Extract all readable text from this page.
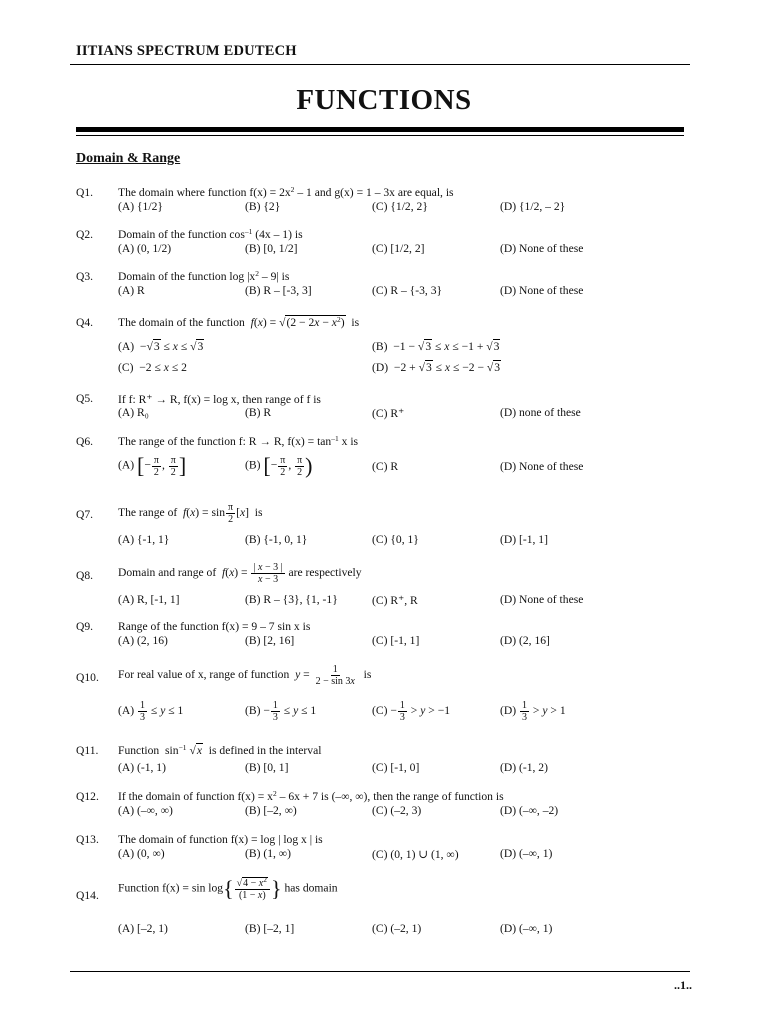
IITIANS SPECTRUM EDUTECH
FUNCTIONS
Domain & Range
Q1. The domain where function $f(x) = 2x^2 - 1$ and g(x) = 1 – 3x are equal, is
(A) {1/2}	(B) {2}	(C) {1/2, 2}	(D) {1/2, – 2}
Q2. Domain of the function $\cos^{-1} (4x - 1)$ is
(A) (0, 1/2)	(B) [0, 1/2]	(C) [1/2, 2]	(D) None of these
Q3. Domain of the function $\log |x^2 - 9|$ is
(A) R	(B) R – [-3, 3]	(C) R – {-3, 3}	(D) None of these
Q4. The domain of the function $f(x) = √(2 - 2x - x^2)$ is
(A)  −√3 ≤ x ≤ √3	(B)  −1 − √3 ≤ x ≤ −1 + √3
(C)  −2 ≤ x ≤ 2	(D)  −2 + √3 ≤ x ≤ −2 − √3
Q5. If f: R⁺ → R, f(x) = log x, then range of f is
(A) R₀	(B) R	(C) R⁺	(D) none of these
Q6. The range of the function f: R → R, $f(x) = \tan^{-1} x$ is
(A) [− $\frac{\pi}{2}$ , $\frac{\pi}{2}$ ]	(B) [− $\frac{\pi}{2}$ , $\frac{\pi}{2}$ )	(C) R	(D) None of these
Q7. The range of $f(x) = \sin \frac{\pi}{2} [x]$  is
(A) {-1, 1}	(B) {-1, 0, 1}	(C) {0, 1}	(D) [-1, 1]
Q8. Domain and range of $f(x) = \frac{| x - 3 |}{x - 3}$ are respectively
(A) R, [-1, 1]	(B) R – {3}, {1, -1}	(C) R⁺, R	(D) None of these
Q9. Range of the function f(x) = 9 – 7 sin x is
(A) (2, 16)	(B) [2, 16]	(C) [-1, 1]	(D) (2, 16]
Q10. For real value of x, range of function $y = \frac{1}{2 - \sin 3x}$ is
$(A) \frac{1}{3} \le y \le 1$	$(B) - \frac{1}{3} \le y \le 1$	$(C) - \frac{1}{3} > y > -1$	$(D) \frac{1}{3} > y > 1$
Q11. Function  $\sin^{-1} √x$ is defined in the interval
(A) (-1, 1)	(B) [0, 1]	(C) [-1, 0]	(D) (-1, 2)
Q12. If the domain of function $f(x) = x^2 - 6x + 7$ is (–∞, ∞), then the range of function is
(A) (–∞, ∞)	(B) [–2, ∞)	(C) (–2, 3)	(D) (–∞, –2)
Q13. The domain of function f(x) = log | log x | is
(A) (0, ∞)	(B) (1, ∞)	(C) (0, 1) ∪ (1, ∞)	(D) (–∞, 1)
Q14.
Function $f(x) = \sin \log\{ \frac{√4 - x^2}{(1 - x)}$ } has domain
(A) [–2, 1)	(B) [–2, 1]	(C) (–2, 1)	(D) (–∞, 1)
..1..
